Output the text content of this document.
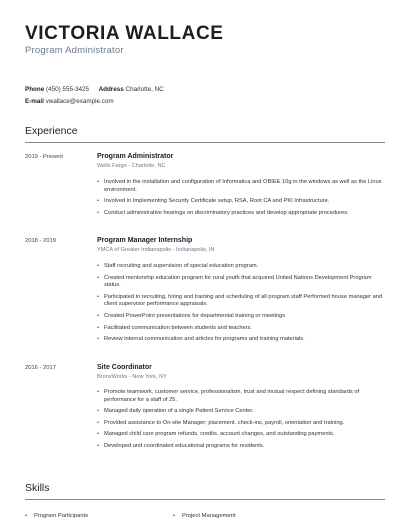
VICTORIA WALLACE
Program Administrator
Phone (450) 555-3425 Address Charlotte, NC
E-mail vwallace@example.com
Experience
2019 - Present	Program Administrator
Wells Fargo - Charlotte, NC
• Involved in the installation and configuration of Informatica and OBIEE 10g in the windows as well as the Linux environment.
• Involved in Implementing Security Certificate setup, RSA, Root CA and PKI Infrastructure.
• Conduct administrative hearings on discriminatory practices and develop appropriate procedures.
2018 - 2019	Program Manager Internship
YMCA of Greater Indianapolis - Indianapolis, IN
• Staff recruiting and supervision of special education program.
• Created mentorship education program for rural youth that acquired United Nations Development Program status.
• Participated in recruiting, hiring and training and scheduling of all program staff Performed house manager and client supervisor performance appraisals.
• Created PowerPoint presentations for departmental training or meetings
• Facilitated communication between students and teachers.
• Review internal communication and articles for programs and training materials.
2016 - 2017	Site Coordinator
BronxWorks - New York, NY
• Promote teamwork, customer service, professionalism, trust and mutual respect defining standards of performance for a staff of 25.
• Managed daily operation of a single Patient Service Center.
• Provided assistance to On-site Manager; placement. check-ins, payroll, orientation and training.
• Managed child care program refunds, credits. account changes, and outstanding payments.
• Developed and coordinated educational programs for residents.
Skills
• Program Participants
•	Project Management
